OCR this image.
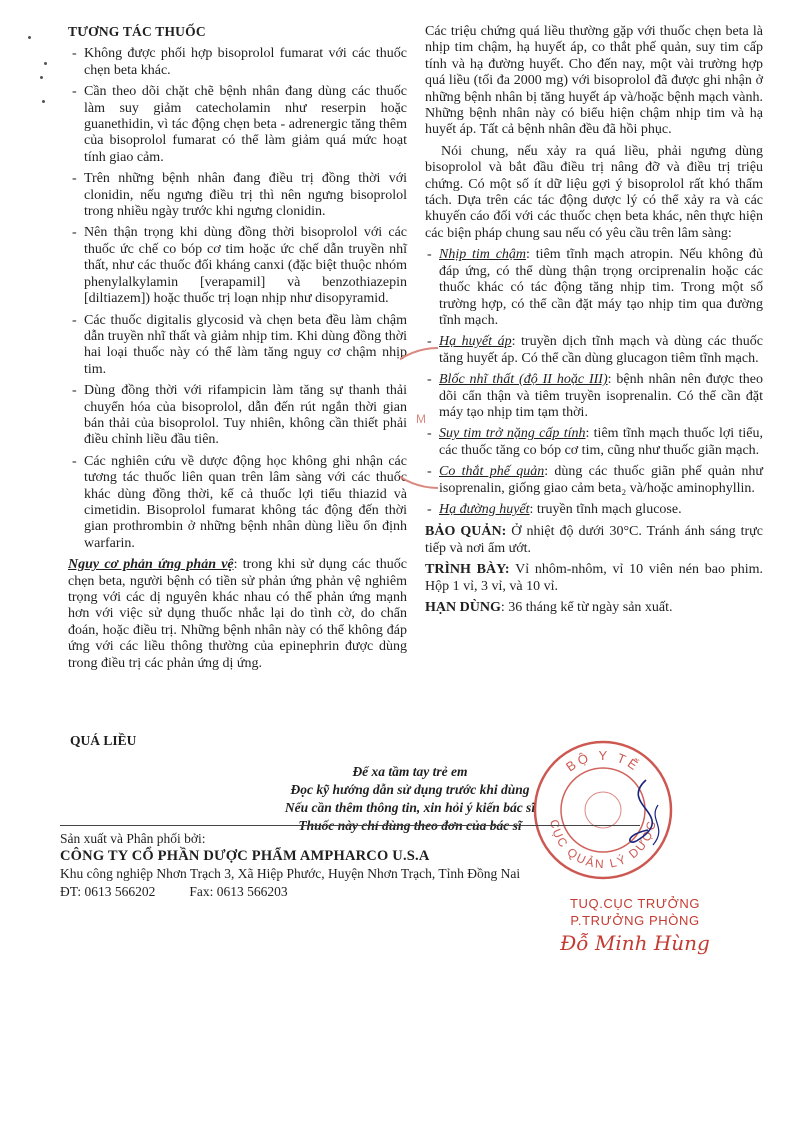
TƯƠNG TÁC THUỐC
- Không được phối hợp bisoprolol fumarat với các thuốc chẹn beta khác.
- Cần theo dõi chặt chẽ bệnh nhân đang dùng các thuốc làm suy giảm catecholamin như reserpin hoặc guanethidin, vì tác động chẹn beta - adrenergic tăng thêm của bisoprolol fumarat có thể làm giảm quá mức hoạt tính giao cảm.
- Trên những bệnh nhân đang điều trị đồng thời với clonidin, nếu ngưng điều trị thì nên ngưng bisoprolol trong nhiều ngày trước khi ngưng clonidin.
- Nên thận trọng khi dùng đồng thời bisoprolol với các thuốc ức chế co bóp cơ tim hoặc ức chế dẫn truyền nhĩ thất, như các thuốc đối kháng canxi (đặc biệt thuộc nhóm phenylalkylamin [verapamil] và benzothiazepin [diltiazem]) hoặc thuốc trị loạn nhịp như disopyramid.
- Các thuốc digitalis glycosid và chẹn beta đều làm chậm dẫn truyền nhĩ thất và giảm nhịp tim. Khi dùng đồng thời hai loại thuốc này có thể làm tăng nguy cơ chậm nhịp tim.
- Dùng đồng thời với rifampicin làm tăng sự thanh thải chuyển hóa của bisoprolol, dẫn đến rút ngắn thời gian bán thải của bisoprolol. Tuy nhiên, không cần thiết phải điều chỉnh liều đầu tiên.
- Các nghiên cứu về dược động học không ghi nhận các tương tác thuốc liên quan trên lâm sàng với các thuốc khác dùng đồng thời, kể cả thuốc lợi tiểu thiazid và cimetidin. Bisoprolol fumarat không tác động đến thời gian prothrombin ở những bệnh nhân dùng liều ổn định warfarin.

Nguy cơ phản ứng phản vệ: trong khi sử dụng các thuốc chẹn beta, người bệnh có tiền sử phản ứng phản vệ nghiêm trọng với các dị nguyên khác nhau có thể phản ứng mạnh hơn với việc sử dụng thuốc nhắc lại do tình cờ, do chẩn đoán, hoặc điều trị. Những bệnh nhân này có thể không đáp ứng với các liều thông thường của epinephrin được dùng trong điều trị các phản ứng dị ứng.

QUÁ LIỀU

Các triệu chứng quá liều thường gặp với thuốc chẹn beta là nhịp tim chậm, hạ huyết áp, co thắt phế quản, suy tim cấp tính và hạ đường huyết. Cho đến nay, một vài trường hợp quá liều (tối đa 2000 mg) với bisoprolol đã được ghi nhận ở những bệnh nhân bị tăng huyết áp và/hoặc bệnh mạch vành. Những bệnh nhân này có biểu hiện chậm nhịp tim và hạ huyết áp. Tất cả bệnh nhân đều đã hồi phục.

Nói chung, nếu xảy ra quá liều, phải ngưng dùng bisoprolol và bắt đầu điều trị nâng đỡ và điều trị triệu chứng. Có một số ít dữ liệu gợi ý bisoprolol rất khó thẩm tách. Dựa trên các tác động dược lý có thể xảy ra và các khuyến cáo đối với các thuốc chẹn beta khác, nên thực hiện các biện pháp chung sau nếu có yêu cầu trên lâm sàng:

- Nhịp tim chậm: tiêm tĩnh mạch atropin. Nếu không đủ đáp ứng, có thể dùng thận trọng orciprenalin hoặc các thuốc khác có tác động tăng nhịp tim. Trong một số trường hợp, có thể cần đặt máy tạo nhịp tim qua đường tĩnh mạch.
- Hạ huyết áp: truyền dịch tĩnh mạch và dùng các thuốc tăng huyết áp. Có thể cần dùng glucagon tiêm tĩnh mạch.
- Blốc nhĩ thất (độ II hoặc III): bệnh nhân nên được theo dõi cẩn thận và tiêm truyền isoprenalin. Có thể cần đặt máy tạo nhịp tim tạm thời.
- Suy tim trở nặng cấp tính: tiêm tĩnh mạch thuốc lợi tiểu, các thuốc tăng co bóp cơ tim, cũng như thuốc giãn mạch.
- Co thắt phế quản: dùng các thuốc giãn phế quản như isoprenalin, giống giao cảm beta₂ và/hoặc aminophyllin.
- Hạ đường huyết: truyền tĩnh mạch glucose.

BẢO QUẢN: Ở nhiệt độ dưới 30°C. Tránh ánh sáng trực tiếp và nơi ẩm ướt.

TRÌNH BÀY: Vỉ nhôm-nhôm, vỉ 10 viên nén bao phim. Hộp 1 vỉ, 3 vỉ, và 10 vỉ.

HẠN DÙNG: 36 tháng kể từ ngày sản xuất.

Để xa tầm tay trẻ em
Đọc kỹ hướng dẫn sử dụng trước khi dùng
Nếu cần thêm thông tin, xin hỏi ý kiến bác sĩ
Thuốc này chỉ dùng theo đơn của bác sĩ
BỘ Y TẾ
CỤC QUẢN LÝ DƯỢC
M
Sản xuất và Phân phối bởi:
CÔNG TY CỔ PHẦN DƯỢC PHẨM AMPHARCO U.S.A
Khu công nghiệp Nhơn Trạch 3, Xã Hiệp Phước, Huyện Nhơn Trạch, Tỉnh Đồng Nai
ĐT: 0613 566202	Fax: 0613 566203
TUQ.CỤC TRƯỞNG
P.TRƯỞNG PHÒNG
Đỗ Minh Hùng
